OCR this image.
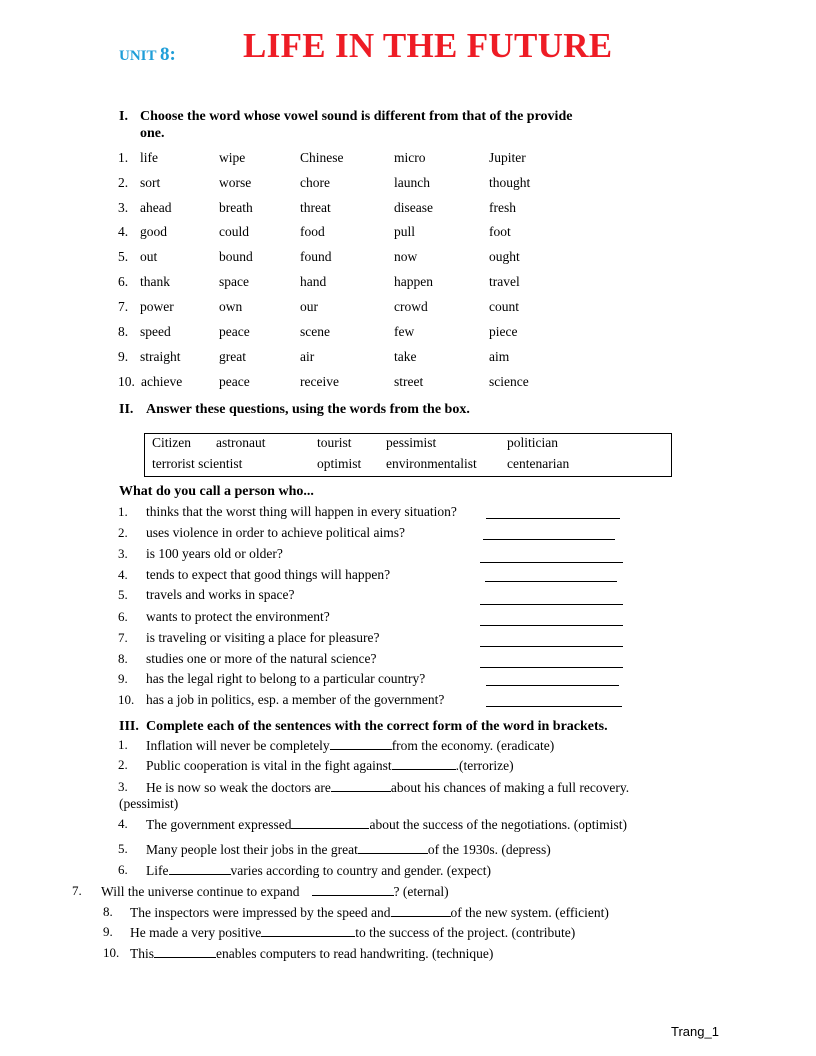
UNIT 8: LIFE IN THE FUTURE
I. Choose the word whose vowel sound is different from that of the provide
one.
1. life	wipe	Chinese	micro	Jupiter
2. sort	worse	chore	launch	thought
3. ahead	breath	threat	disease	fresh
4. good	could	food	pull	foot
5. out	bound	found	now	ought
6. thank	space	hand	happen	travel
7. power	own	our	crowd	count
8. speed	peace	scene	few	piece
9. straight	great	air	take	aim
10. achieve	peace	receive	street	science
II. Answer these questions, using the words from the box.
Citizen astronaut	tourist	pessimist	politician
terrorist scientist	optimist environmentalist centenarian
What do you call a person who...
1. thinks that the worst thing will happen in every situation?
2. uses violence in order to achieve political aims?
3. is 100 years old or older?
4. tends to expect that good things will happen?
5. travels and works in space?
6. wants to protect the environment?
7. is traveling or visiting a place for pleasure?
8. studies one or more of the natural science?
9. has the legal right to belong to a particular country?
10. has a job in politics, esp. a member of the government?
III. Complete each of the sentences with the correct form of the word in brackets.
1. Inflation will never be completely	from the economy. (eradicate)
2. Public cooperation is vital in the fight against	.(terrorize)
3. He is now so weak the doctors are	about his chances of making a full recovery.
(pessimist)
4. The government expressed	about the success of the negotiations. (optimist)
5. Many people lost their jobs in the great	of the 1930s. (depress)
6. Life	varies according to country and gender. (expect)
7. Will the universe continue to expand	? (eternal)
8. The inspectors were impressed by the speed and	of the new system. (efficient)
9. He made a very positive	to the success of the project. (contribute)
10. This	enables computers to read handwriting. (technique)
Trang_1
